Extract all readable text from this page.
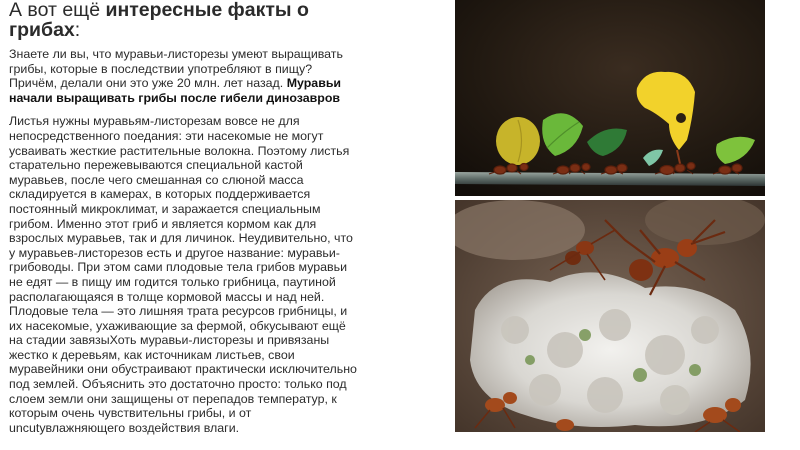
А вот ещё интересные факты о грибах:

Знаете ли вы, что муравьи-листорезы умеют выращивать грибы, которые в последствии употребляют в пищу? Причём, делали они это уже 20 млн. лет назад. Муравьи начали выращивать грибы после гибели динозавров

Листья нужны муравьям-листорезам вовсе не для непосредственного поедания: эти насекомые не могут усваивать жесткие растительные волокна. Поэтому листья старательно пережевываются специальной кастой муравьев, после чего смешанная со слюной масса складируется в камерах, в которых поддерживается постоянный микроклимат, и заражается специальным грибом. Именно этот гриб и является кормом как для взрослых муравьев, так и для личинок. Неудивительно, что у муравьев-листорезов есть и другое название: муравьи-грибоводы. При этом сами плодовые тела грибов муравьи не едят — в пищу им годится только грибница, паутиной располагающаяся в толще кормовой массы и над ней. Плодовые тела — это лишняя трата ресурсов грибницы, и их насекомые, ухаживающие за фермой, обкусывают ещё на стадии завязыХоть муравьи-листорезы и привязаны жестко к деревьям, как источникам листьев, свои муравейники они обустраивают практически исключительно под землей. Объяснить это достаточно просто: только под слоем земли они защищены от перепадов температур, к которым очень чувствительны грибы, и от uncutувлажняющего воздействия влаги.
